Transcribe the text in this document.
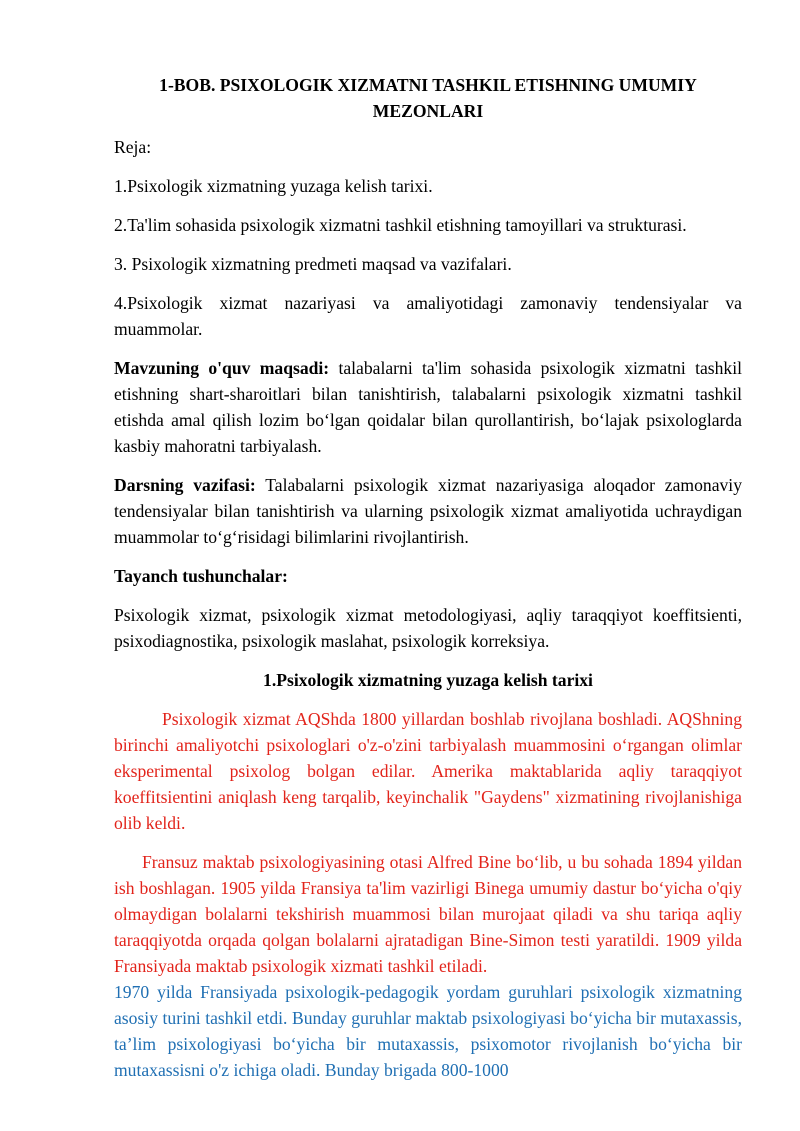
1-BOB. PSIXOLOGIK XIZMATNI TASHKIL ETISHNING UMUMIY MEZONLARI

Reja:

1.Psixologik xizmatning yuzaga kelish tarixi.

2.Ta'lim sohasida psixologik xizmatni tashkil etishning tamoyillari va strukturasi.

3. Psixologik xizmatning predmeti maqsad va vazifalari.

4.Psixologik xizmat nazariyasi va amaliyotidagi zamonaviy tendensiyalar va muammolar.

Mavzuning o'quv maqsadi: talabalarni ta'lim sohasida psixologik xizmatni tashkil etishning shart-sharoitlari bilan tanishtirish, talabalarni psixologik xizmatni tashkil etishda amal qilish lozim boʻlgan qoidalar bilan qurollantirish, boʻlajak psixologlarda kasbiy mahoratni tarbiyalash.

Darsning vazifasi: Talabalarni psixologik xizmat nazariyasiga aloqador zamonaviy tendensiyalar bilan tanishtirish va ularning psixologik xizmat amaliyotida uchraydigan muammolar toʻgʻrisidagi bilimlarini rivojlantirish.

Tayanch tushunchalar:

Psixologik xizmat, psixologik xizmat metodologiyasi, aqliy taraqqiyot koeffitsienti, psixodiagnostika, psixologik maslahat, psixologik korreksiya.

1.Psixologik xizmatning yuzaga kelish tarixi

Psixologik xizmat AQShda 1800 yillardan boshlab rivojlana boshladi. AQShning birinchi amaliyotchi psixologlari o'z-o'zini tarbiyalash muammosini oʻrgangan olimlar eksperimental psixolog bolgan edilar. Amerika maktablarida aqliy taraqqiyot koeffitsientini aniqlash keng tarqalib, keyinchalik "Gaydens" xizmatining rivojlanishiga olib keldi.

Fransuz maktab psixologiyasining otasi Alfred Bine boʻlib, u bu sohada 1894 yildan ish boshlagan. 1905 yilda Fransiya ta'lim vazirligi Binega umumiy dastur boʻyicha o'qiy olmaydigan bolalarni tekshirish muammosi bilan murojaat qiladi va shu tariqa aqliy taraqqiyotda orqada qolgan bolalarni ajratadigan Bine-Simon testi yaratildi. 1909 yilda Fransiyada maktab psixologik xizmati tashkil etiladi.

1970 yilda Fransiyada psixologik-pedagogik yordam guruhlari psixologik xizmatning asosiy turini tashkil etdi. Bunday guruhlar maktab psixologiyasi boʻyicha bir mutaxassis, ta’lim psixologiyasi boʻyicha bir mutaxassis, psixomotor rivojlanish boʻyicha bir mutaxassisni o'z ichiga oladi. Bunday brigada 800-1000
